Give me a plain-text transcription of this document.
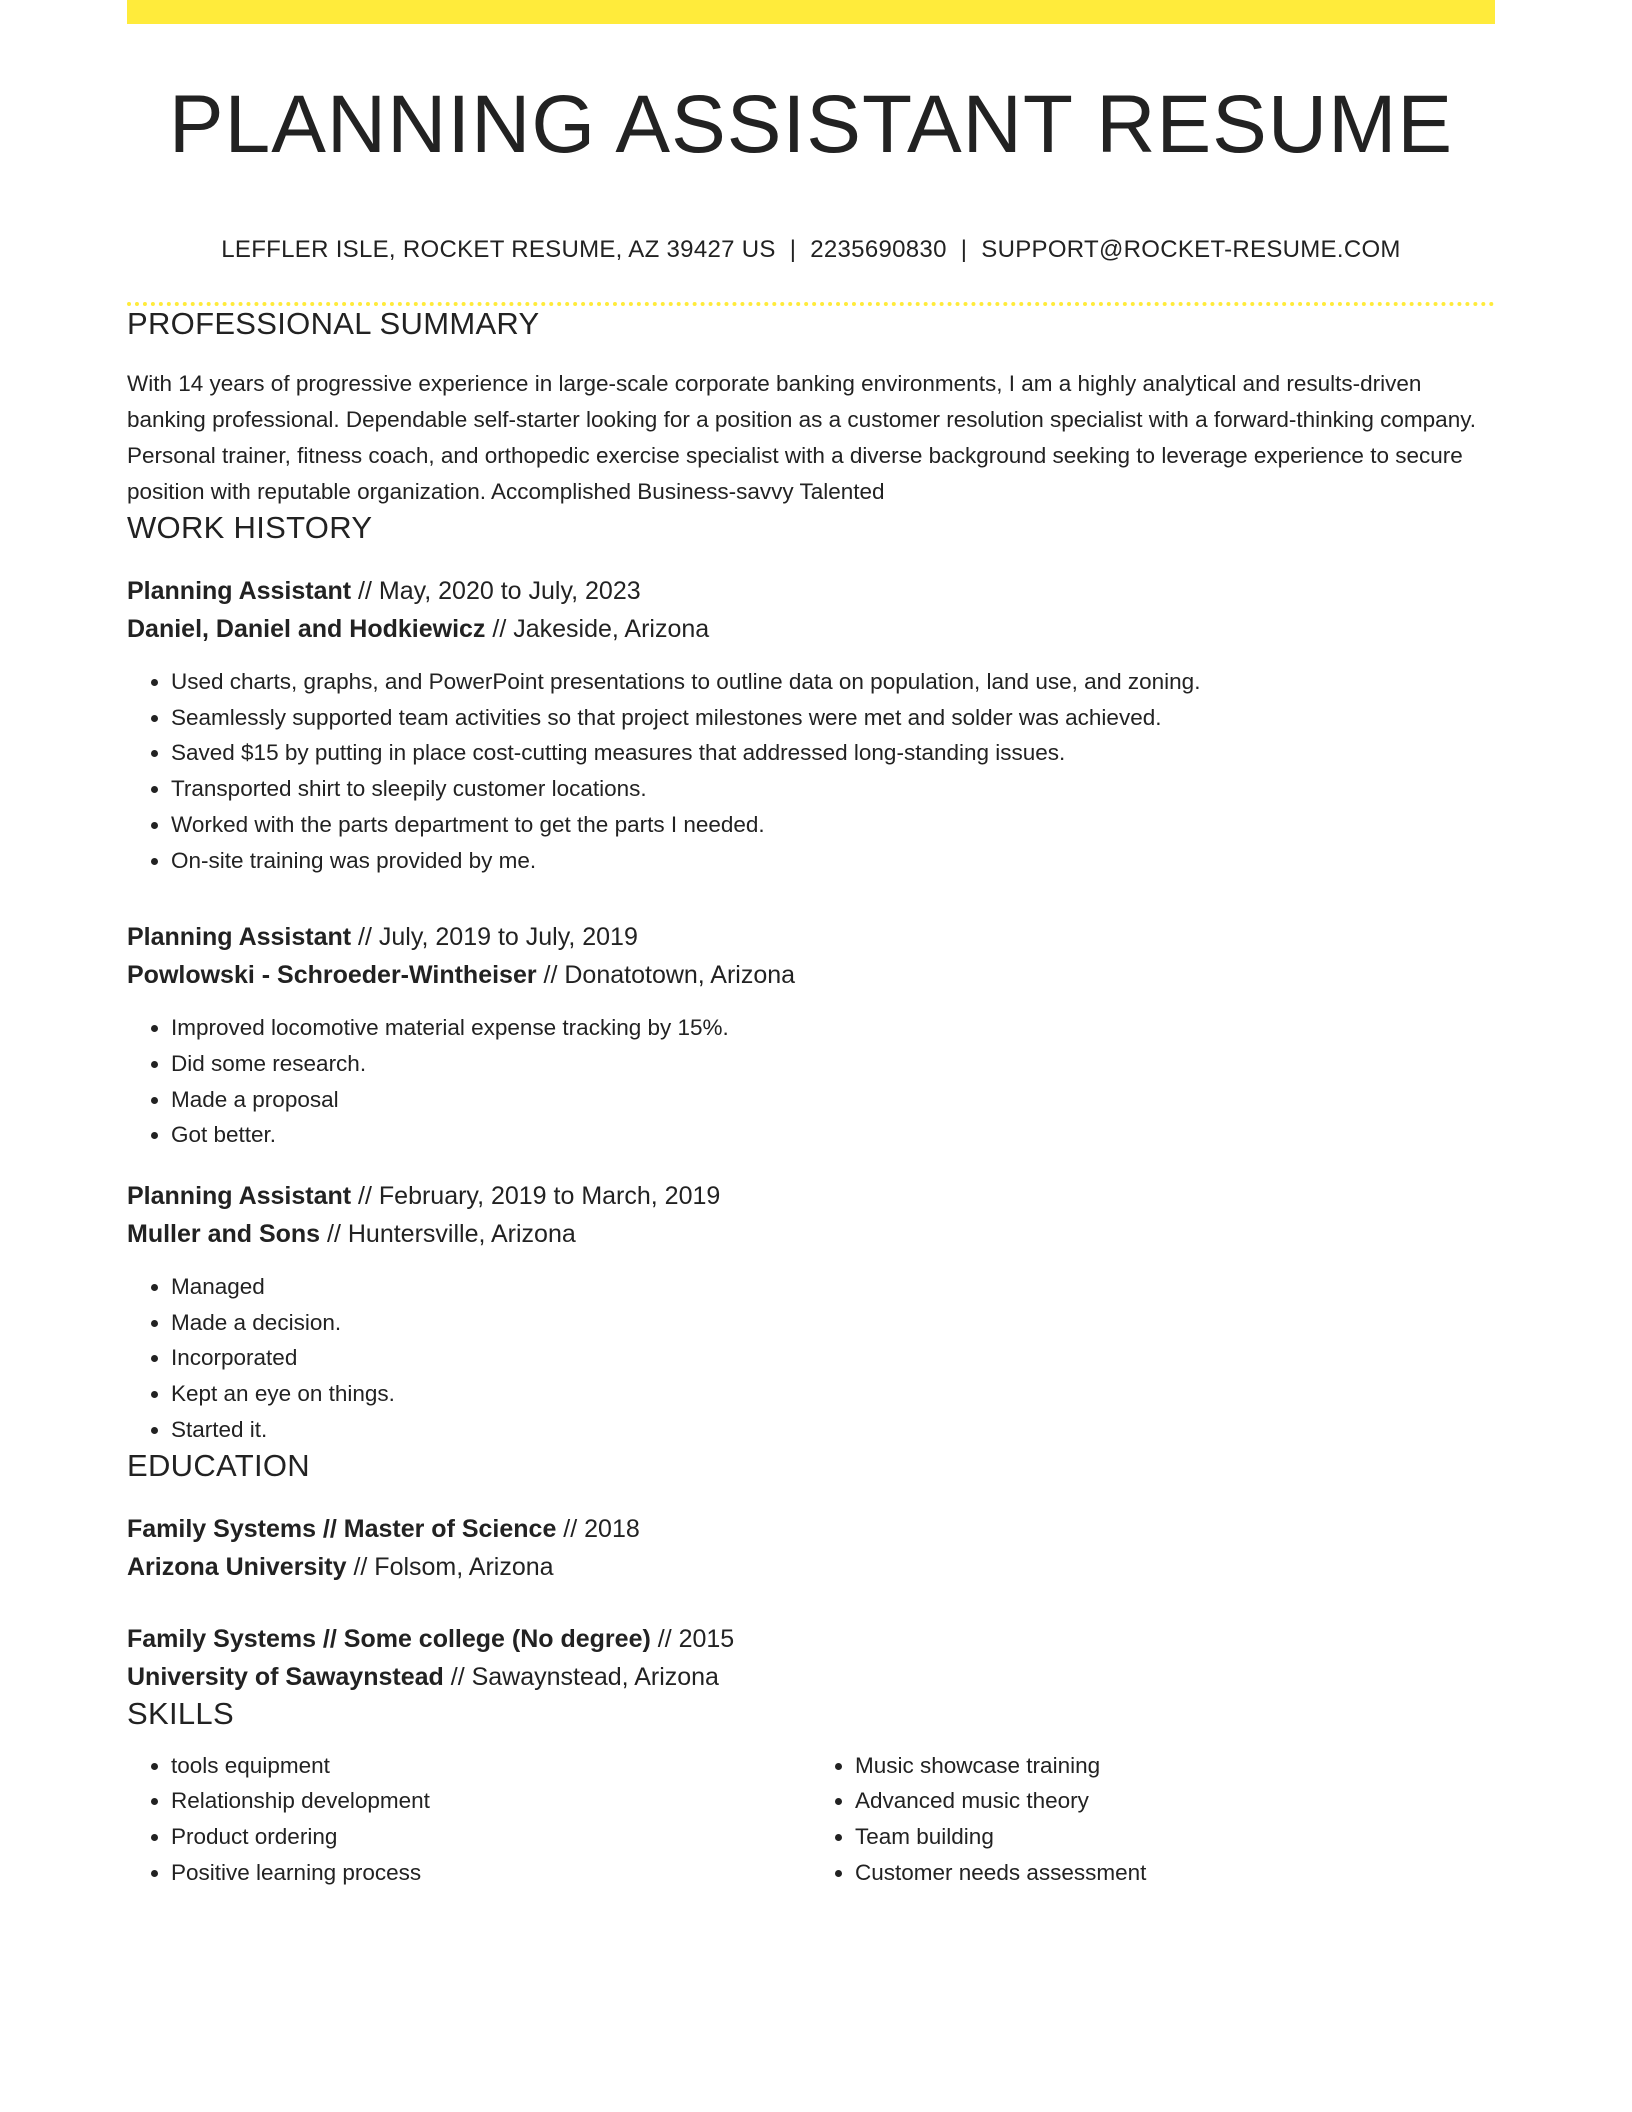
PLANNING ASSISTANT RESUME
LEFFLER ISLE, ROCKET RESUME, AZ 39427 US | 2235690830 | SUPPORT@ROCKET-RESUME.COM
PROFESSIONAL SUMMARY

With 14 years of progressive experience in large-scale corporate banking environments, I am a highly analytical and results-driven banking professional. Dependable self-starter looking for a position as a customer resolution specialist with a forward-thinking company. Personal trainer, fitness coach, and orthopedic exercise specialist with a diverse background seeking to leverage experience to secure position with reputable organization. Accomplished Business-savvy Talented

WORK HISTORY
Planning Assistant // May, 2020 to July, 2023
Daniel, Daniel and Hodkiewicz // Jakeside, Arizona
• Used charts, graphs, and PowerPoint presentations to outline data on population, land use, and zoning.
• Seamlessly supported team activities so that project milestones were met and solder was achieved.
• Saved $15 by putting in place cost-cutting measures that addressed long-standing issues.
• Transported shirt to sleepily customer locations.
• Worked with the parts department to get the parts I needed.
• On-site training was provided by me.
Planning Assistant // July, 2019 to July, 2019
Powlowski - Schroeder-Wintheiser // Donatotown, Arizona
• Improved locomotive material expense tracking by 15%.
• Did some research.
• Made a proposal
• Got better.
Planning Assistant // February, 2019 to March, 2019
Muller and Sons // Huntersville, Arizona
• Managed
• Made a decision.
• Incorporated
• Kept an eye on things.
• Started it.
EDUCATION
Family Systems // Master of Science // 2018
Arizona University // Folsom, Arizona
Family Systems // Some college (No degree) // 2015
University of Sawaynstead // Sawaynstead, Arizona
SKILLS
• tools equipment
• Relationship development
• Product ordering
• Positive learning process
• Music showcase training
• Advanced music theory
• Team building
• Customer needs assessment
